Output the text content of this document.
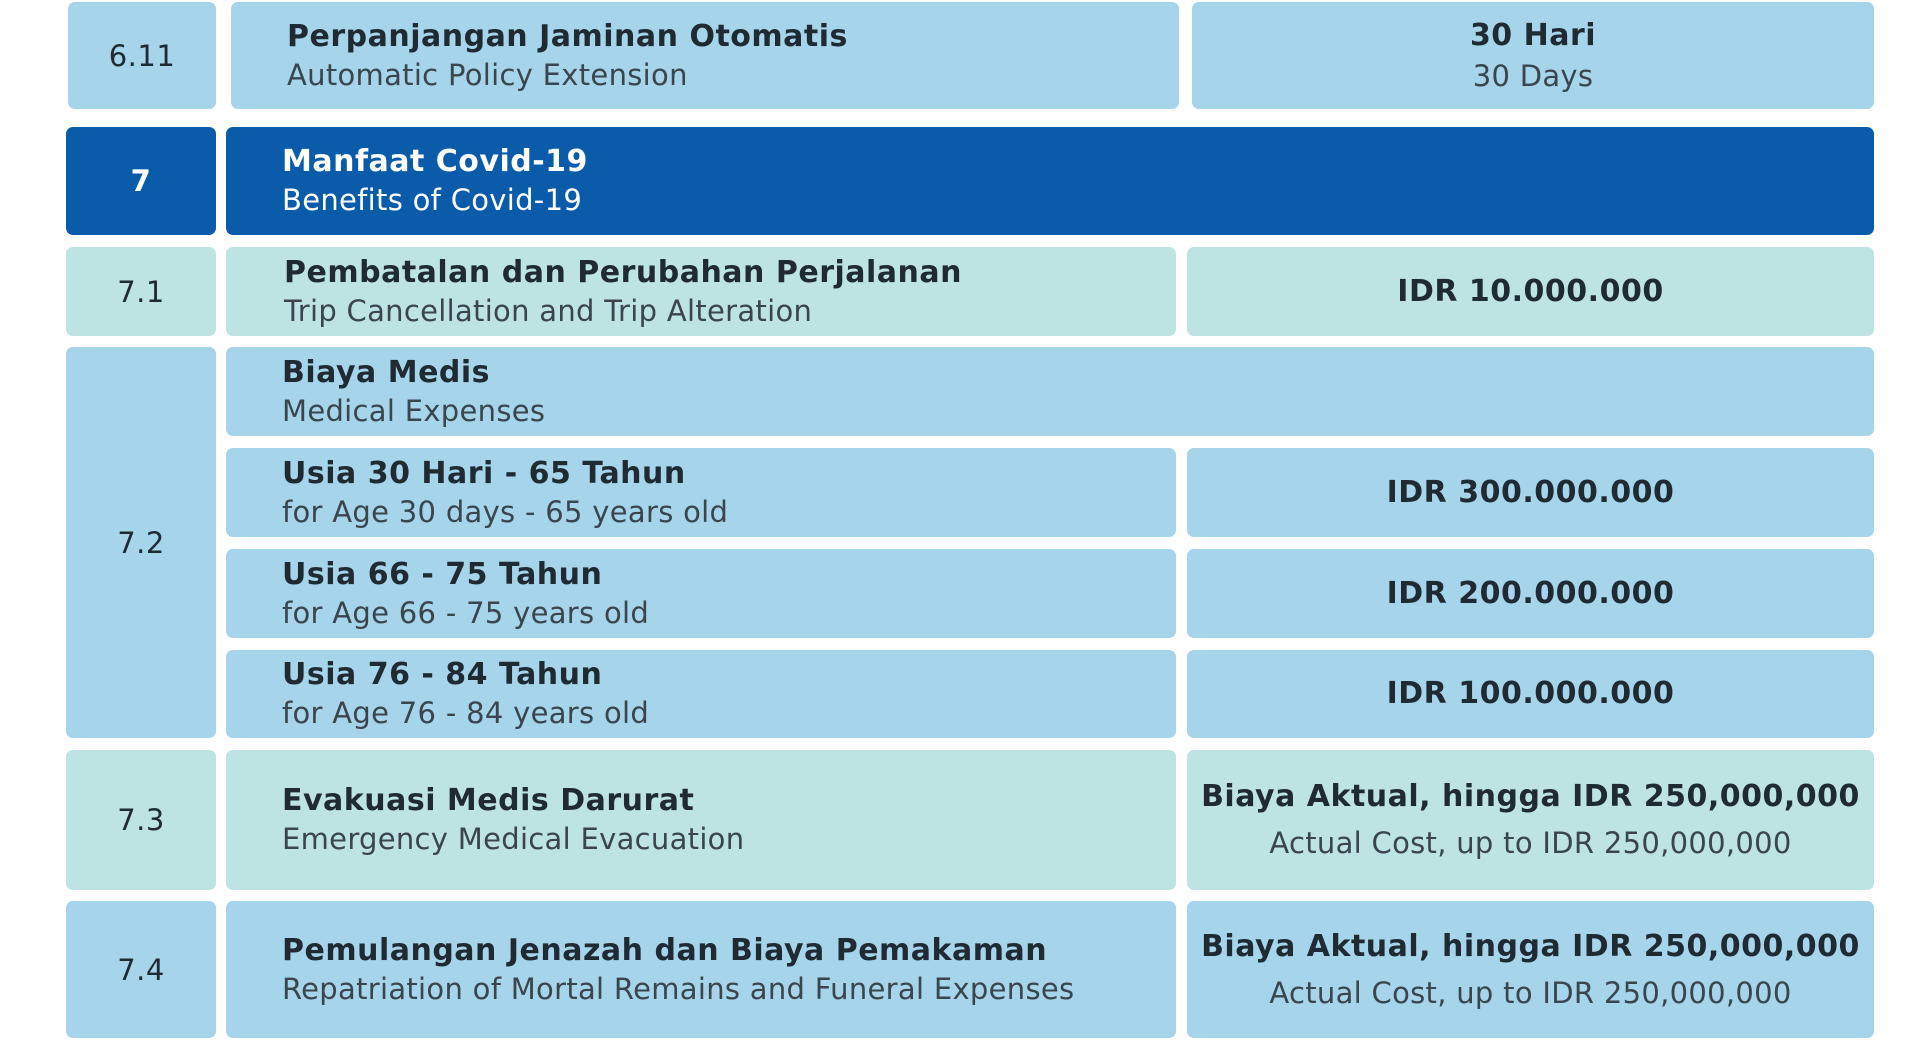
6.11
Perpanjangan Jaminan Otomatis
Automatic Policy Extension
30 Hari
30 Days
7
Manfaat Covid-19
Benefits of Covid-19
7.1
Pembatalan dan Perubahan Perjalanan
Trip Cancellation and Trip Alteration
IDR 10.000.000
7.2
Biaya Medis
Medical Expenses
Usia 30 Hari - 65 Tahun
for Age 30 days - 65 years old
IDR 300.000.000
Usia 66 - 75 Tahun
for Age 66 - 75 years old
IDR 200.000.000
Usia 76 - 84 Tahun
for Age 76 - 84 years old
IDR 100.000.000
7.3
Evakuasi Medis Darurat
Emergency Medical Evacuation
Biaya Aktual, hingga IDR 250,000,000
Actual Cost, up to IDR 250,000,000
7.4
Pemulangan Jenazah dan Biaya Pemakaman
Repatriation of Mortal Remains and Funeral Expenses
Biaya Aktual, hingga IDR 250,000,000
Actual Cost, up to IDR 250,000,000
